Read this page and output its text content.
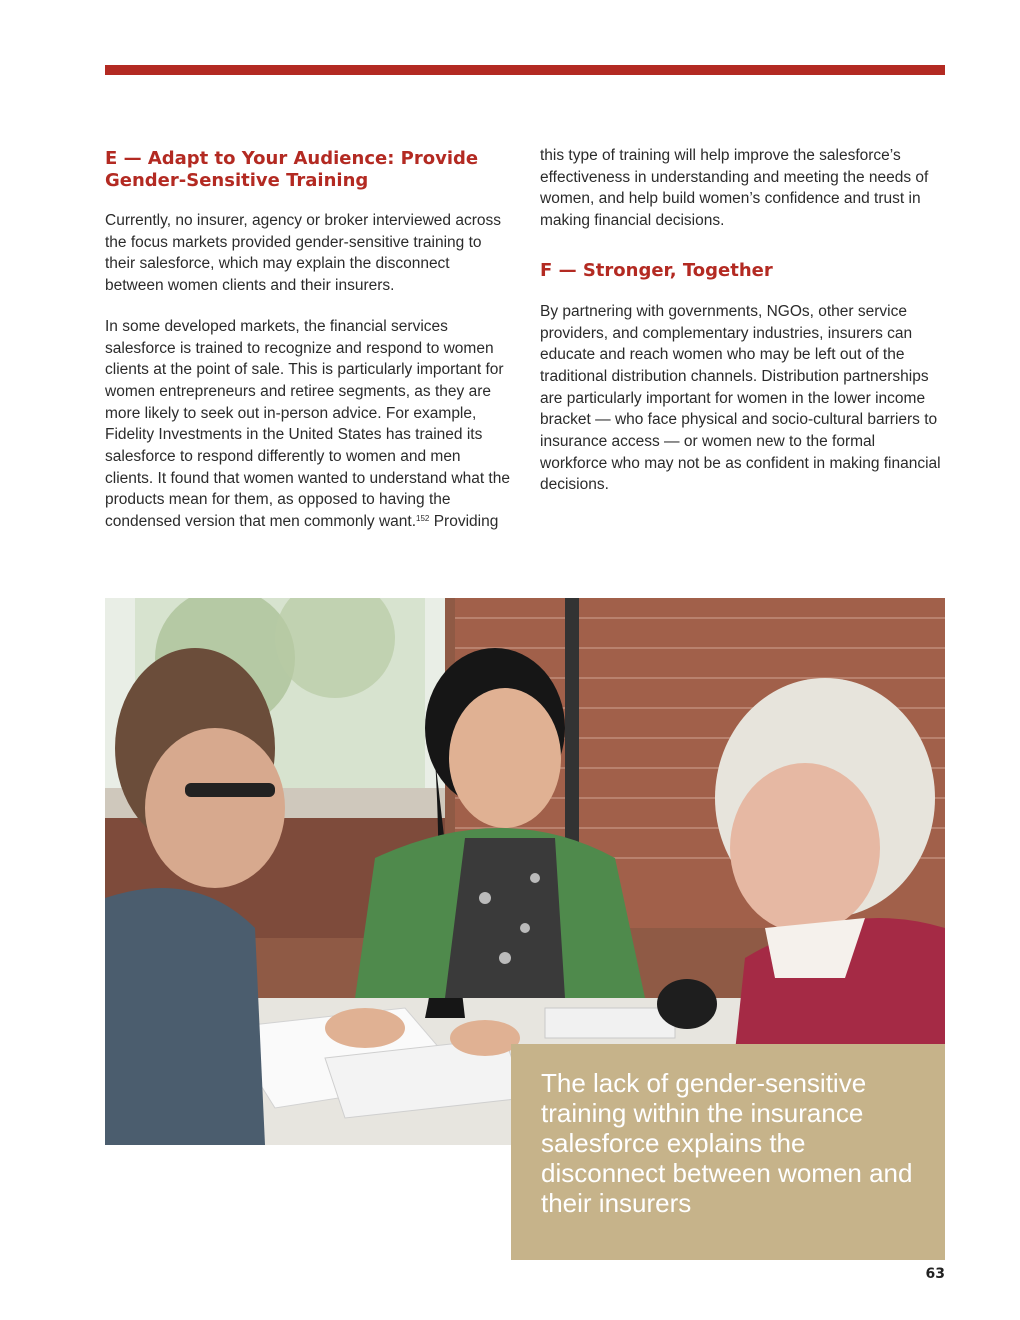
E — Adapt to Your Audience: Provide Gender-Sensitive Training

Currently, no insurer, agency or broker interviewed across the focus markets provided gender-sensitive training to their salesforce, which may explain the disconnect between women clients and their insurers.

In some developed markets, the financial services salesforce is trained to recognize and respond to women clients at the point of sale. This is particularly important for women entrepreneurs and retiree segments, as they are more likely to seek out in-person advice. For example, Fidelity Investments in the United States has trained its salesforce to respond differently to women and men clients. It found that women wanted to understand what the products mean for them, as opposed to having the condensed version that men commonly want.$^{152}$ Providing

this type of training will help improve the salesforce’s effectiveness in understanding and meeting the needs of women, and help build women’s confidence and trust in making financial decisions.

F — Stronger, Together

By partnering with governments, NGOs, other service providers, and complementary industries, insurers can educate and reach women who may be left out of the traditional distribution channels. Distribution partnerships are particularly important for women in the lower income bracket — who face physical and socio-cultural barriers to insurance access — or women new to the formal workforce who may not be as confident in making financial decisions.

The lack of gender-sensitive training within the insurance salesforce explains the disconnect between women and their insurers

63
